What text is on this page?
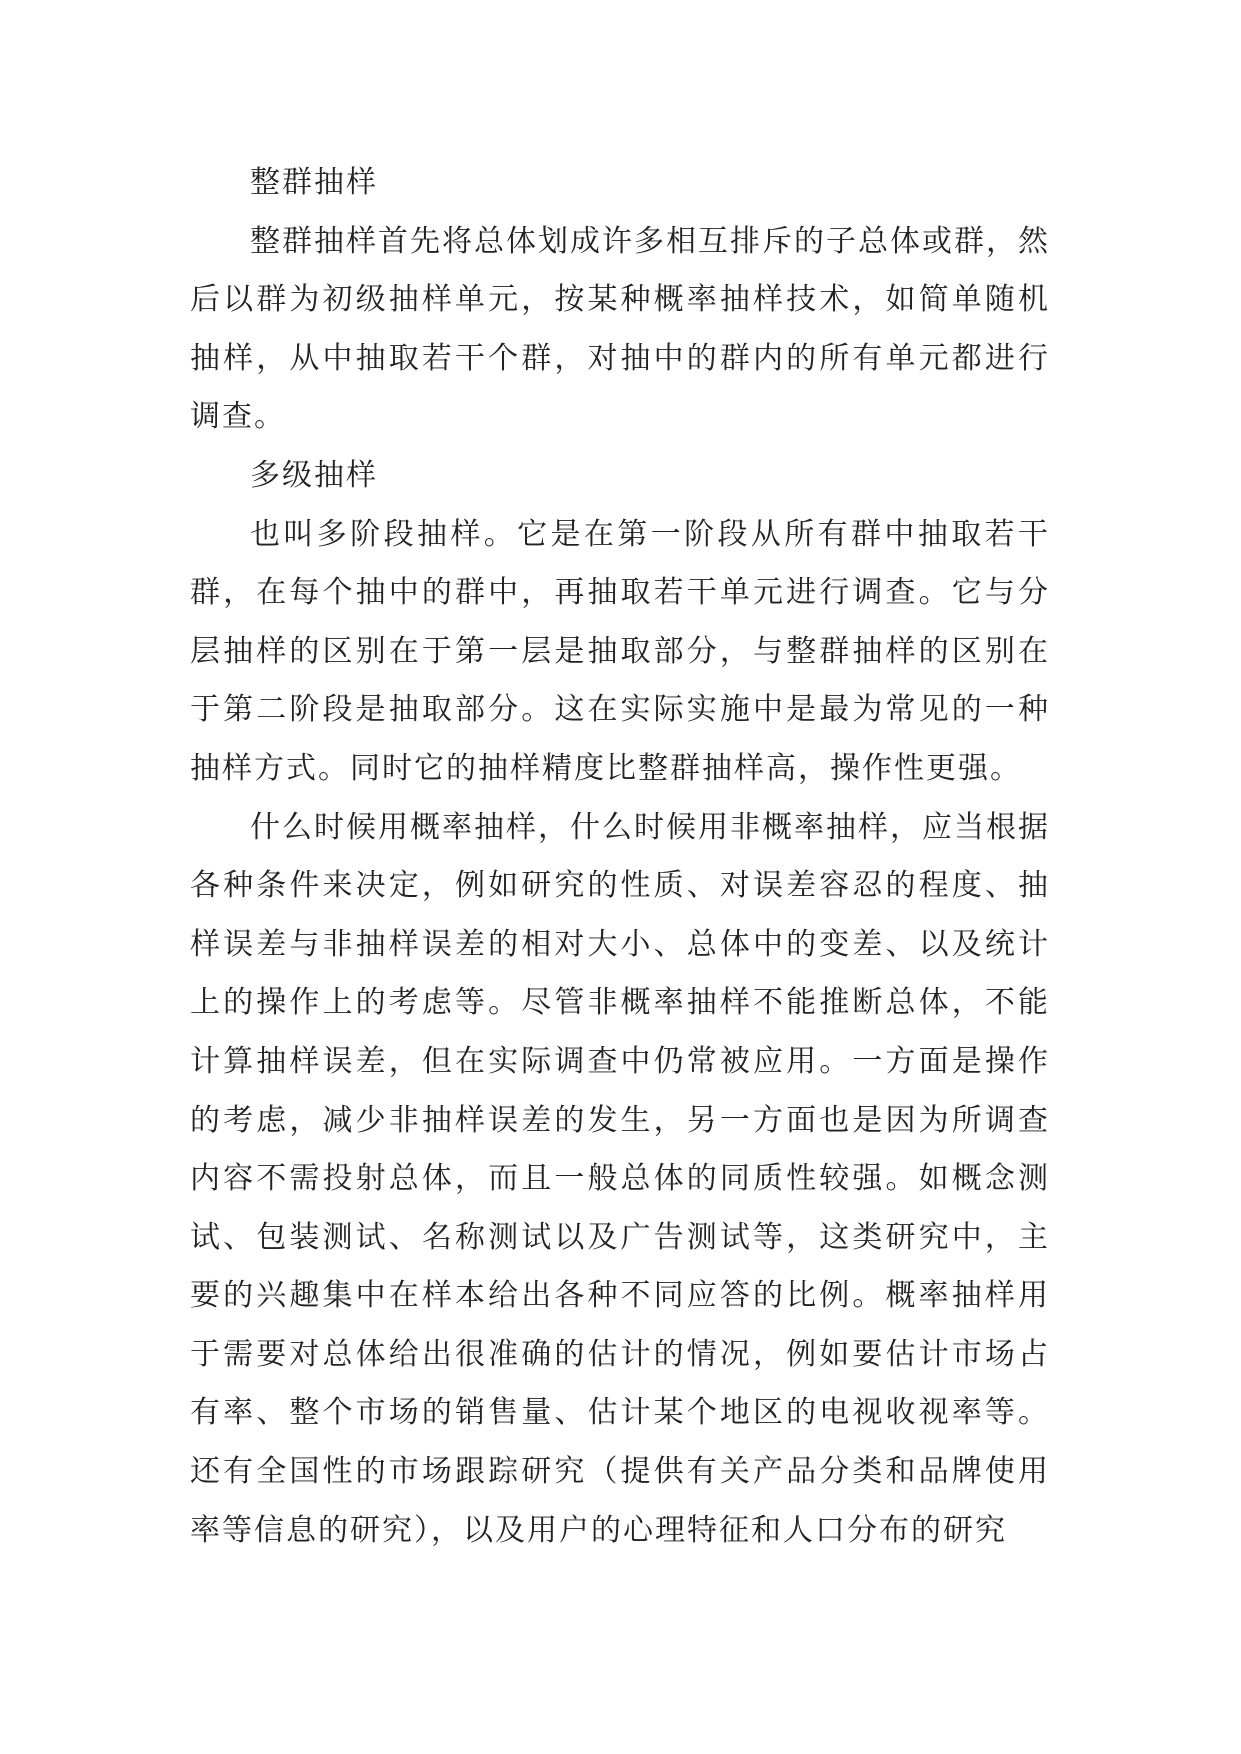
整群抽样

整群抽样首先将总体划成许多相互排斥的子总体或群，然后以群为初级抽样单元，按某种概率抽样技术，如简单随机抽样，从中抽取若干个群，对抽中的群内的所有单元都进行调查。

多级抽样

也叫多阶段抽样。它是在第一阶段从所有群中抽取若干群，在每个抽中的群中，再抽取若干单元进行调查。它与分层抽样的区别在于第一层是抽取部分，与整群抽样的区别在于第二阶段是抽取部分。这在实际实施中是最为常见的一种抽样方式。同时它的抽样精度比整群抽样高，操作性更强。

什么时候用概率抽样，什么时候用非概率抽样，应当根据各种条件来决定，例如研究的性质、对误差容忍的程度、抽样误差与非抽样误差的相对大小、总体中的变差、以及统计上的操作上的考虑等。尽管非概率抽样不能推断总体，不能计算抽样误差，但在实际调查中仍常被应用。一方面是操作的考虑，减少非抽样误差的发生，另一方面也是因为所调查内容不需投射总体，而且一般总体的同质性较强。如概念测试、包装测试、名称测试以及广告测试等，这类研究中，主要的兴趣集中在样本给出各种不同应答的比例。概率抽样用于需要对总体给出很准确的估计的情况，例如要估计市场占有率、整个市场的销售量、估计某个地区的电视收视率等。还有全国性的市场跟踪研究（提供有关产品分类和品牌使用率等信息的研究），以及用户的心理特征和人口分布的研究
